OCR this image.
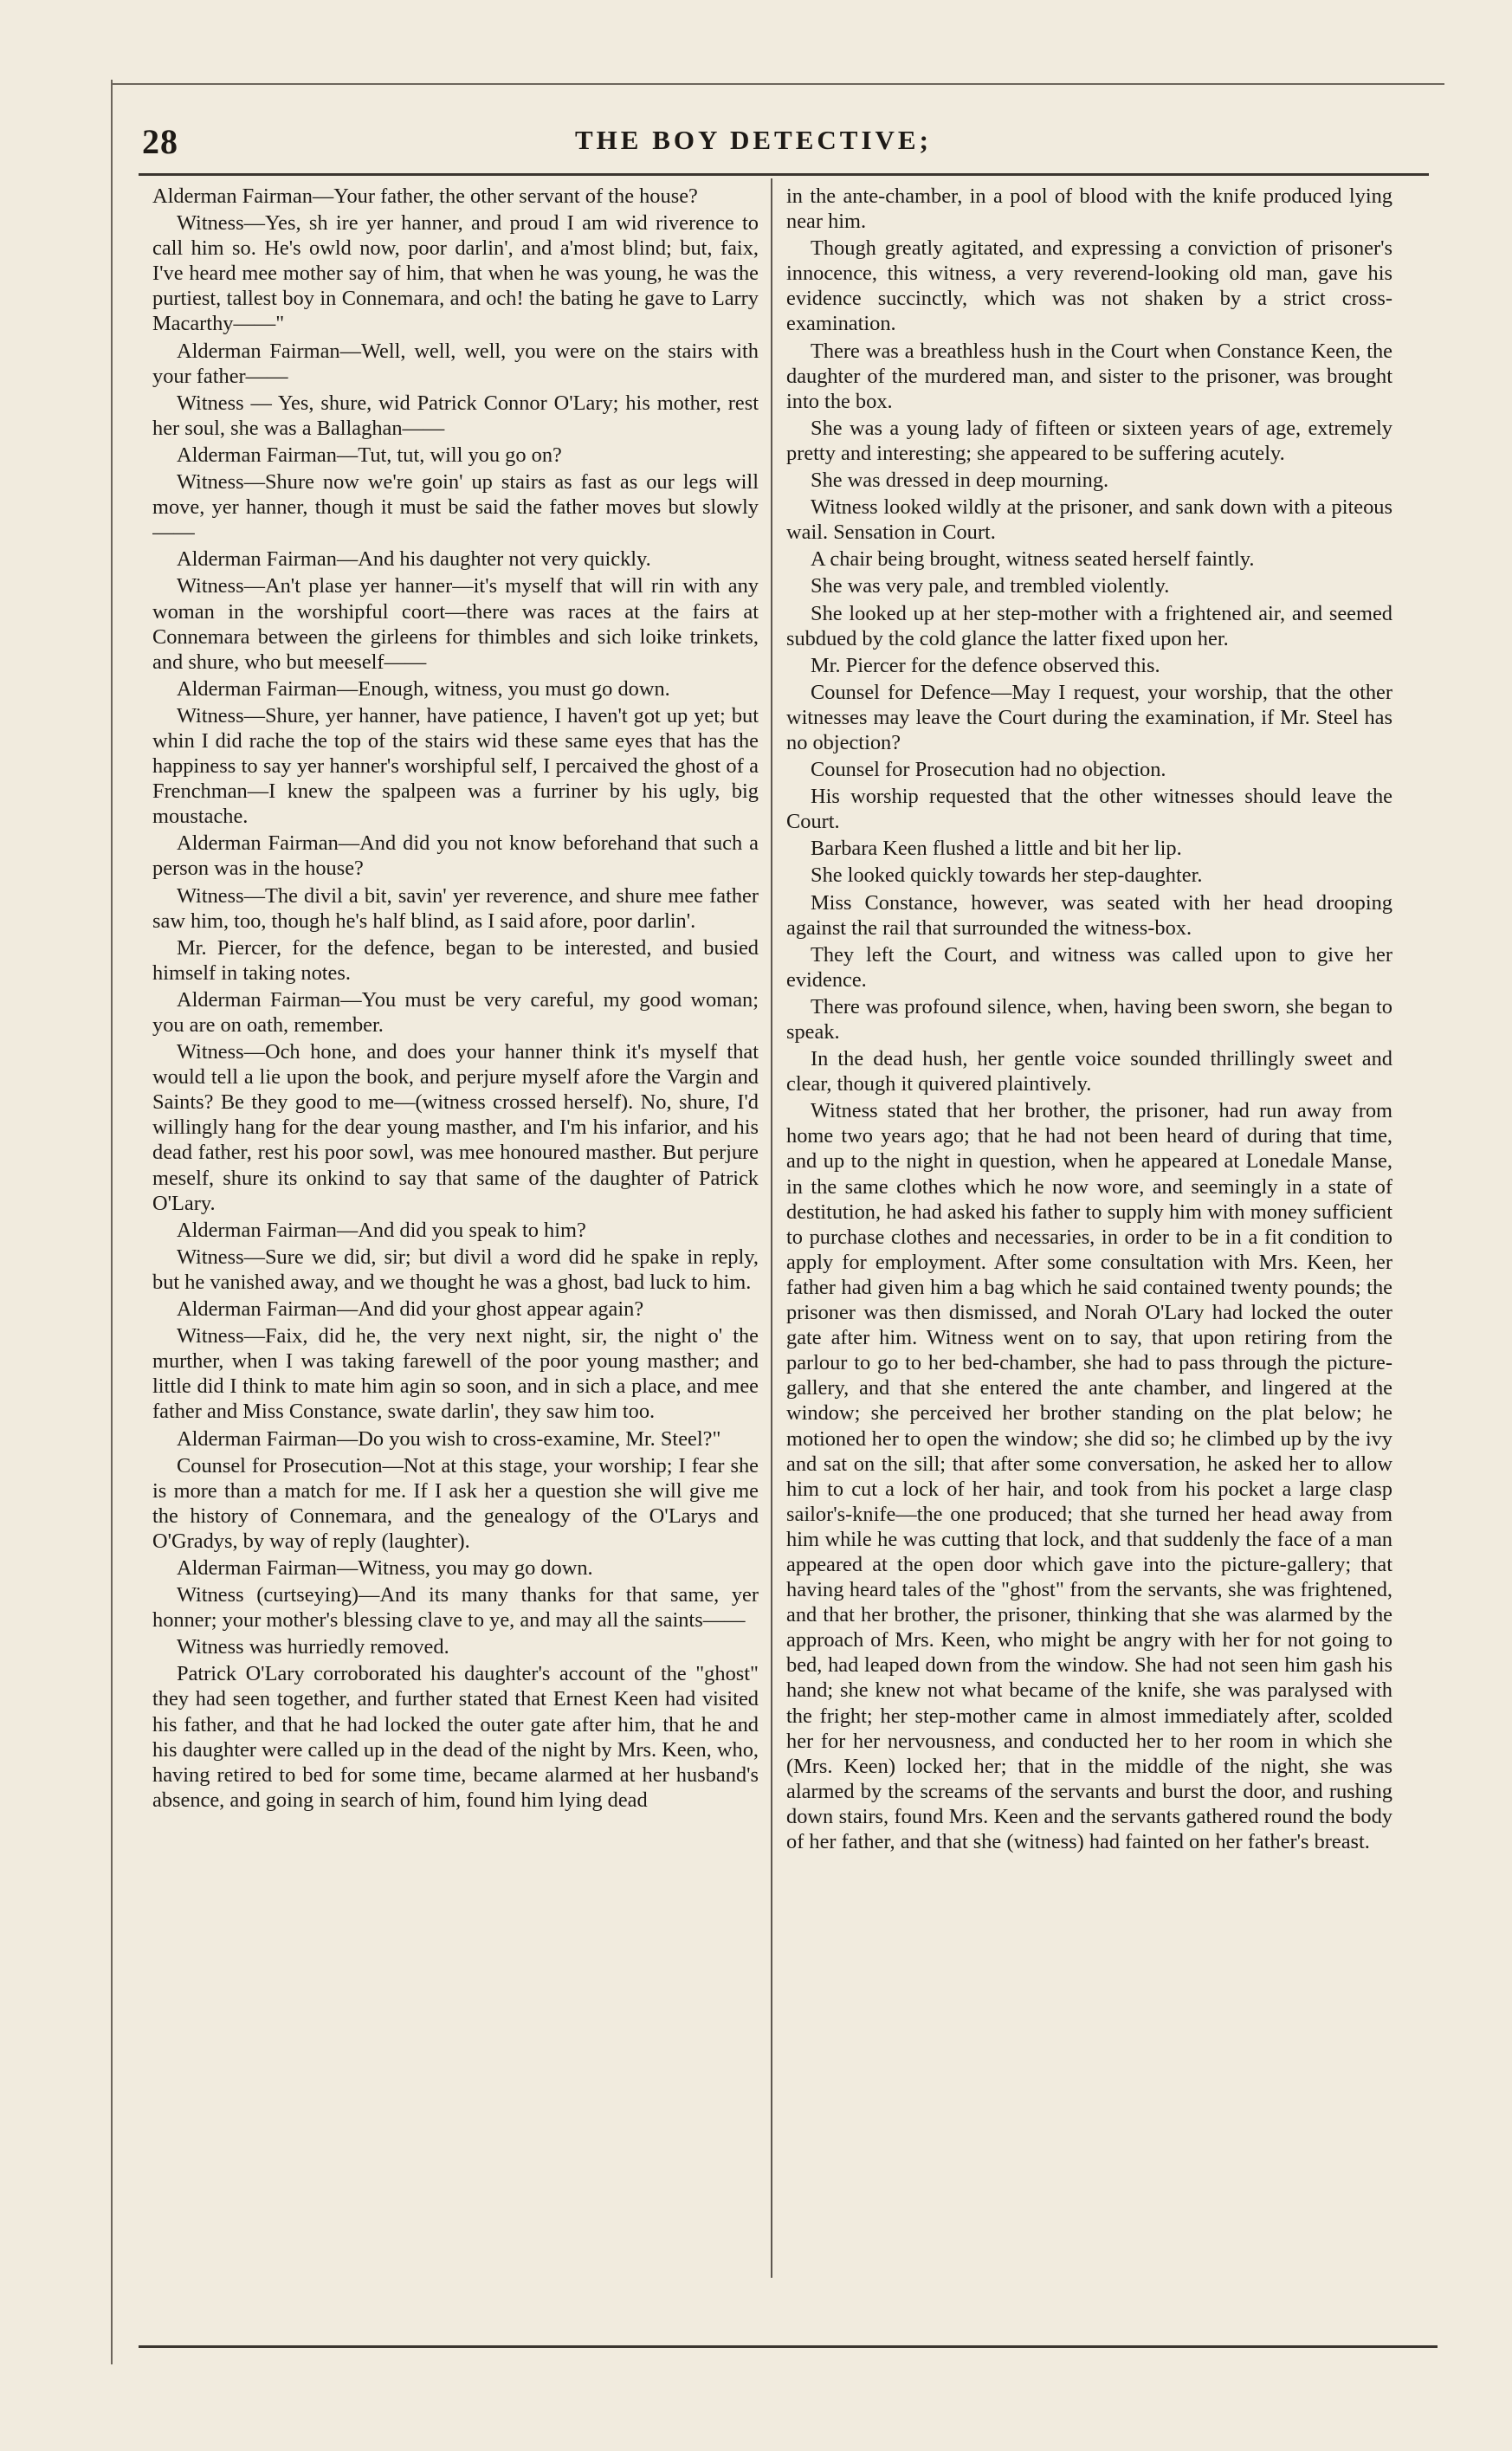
28	THE BOY DETECTIVE;

Alderman Fairman—Your father, the other servant of the house?

Witness—Yes, sh ire yer hanner, and proud I am wid riverence to call him so. He's owld now, poor darlin', and a'most blind; but, faix, I've heard mee mother say of him, that when he was young, he was the purtiest, tallest boy in Connemara, and och! the bating he gave to Larry Macarthy——"

Alderman Fairman—Well, well, well, you were on the stairs with your father——

Witness — Yes, shure, wid Patrick Connor O'Lary; his mother, rest her soul, she was a Ballaghan——

Alderman Fairman—Tut, tut, will you go on?

Witness—Shure now we're goin' up stairs as fast as our legs will move, yer hanner, though it must be said the father moves but slowly——

Alderman Fairman—And his daughter not very quickly.

Witness—An't plase yer hanner—it's myself that will rin with any woman in the worshipful coort—there was races at the fairs at Connemara between the girleens for thimbles and sich loike trinkets, and shure, who but meeself——

Alderman Fairman—Enough, witness, you must go down.

Witness—Shure, yer hanner, have patience, I haven't got up yet; but whin I did rache the top of the stairs wid these same eyes that has the happiness to say yer hanner's worshipful self, I percaived the ghost of a Frenchman—I knew the spalpeen was a furriner by his ugly, big moustache.

Alderman Fairman—And did you not know beforehand that such a person was in the house?

Witness—The divil a bit, savin' yer reverence, and shure mee father saw him, too, though he's half blind, as I said afore, poor darlin'.

Mr. Piercer, for the defence, began to be interested, and busied himself in taking notes.

Alderman Fairman—You must be very careful, my good woman; you are on oath, remember.

Witness—Och hone, and does your hanner think it's myself that would tell a lie upon the book, and perjure myself afore the Vargin and Saints? Be they good to me—(witness crossed herself). No, shure, I'd willingly hang for the dear young masther, and I'm his infarior, and his dead father, rest his poor sowl, was mee honoured masther. But perjure meself, shure its onkind to say that same of the daughter of Patrick O'Lary.

Alderman Fairman—And did you speak to him?

Witness—Sure we did, sir; but divil a word did he spake in reply, but he vanished away, and we thought he was a ghost, bad luck to him.

Alderman Fairman—And did your ghost appear again?

Witness—Faix, did he, the very next night, sir, the night o' the murther, when I was taking farewell of the poor young masther; and little did I think to mate him agin so soon, and in sich a place, and mee father and Miss Constance, swate darlin', they saw him too.

Alderman Fairman—Do you wish to cross-examine, Mr. Steel?"

Counsel for Prosecution—Not at this stage, your worship; I fear she is more than a match for me. If I ask her a question she will give me the history of Connemara, and the genealogy of the O'Larys and O'Gradys, by way of reply (laughter).

Alderman Fairman—Witness, you may go down.

Witness (curtseying)—And its many thanks for that same, yer honner; your mother's blessing clave to ye, and may all the saints——

Witness was hurriedly removed.

Patrick O'Lary corroborated his daughter's account of the "ghost" they had seen together, and further stated that Ernest Keen had visited his father, and that he had locked the outer gate after him, that he and his daughter were called up in the dead of the night by Mrs. Keen, who, having retired to bed for some time, became alarmed at her husband's absence, and going in search of him, found him lying dead

in the ante-chamber, in a pool of blood with the knife produced lying near him.

Though greatly agitated, and expressing a conviction of prisoner's innocence, this witness, a very reverend-looking old man, gave his evidence succinctly, which was not shaken by a strict cross-examination.

There was a breathless hush in the Court when Constance Keen, the daughter of the murdered man, and sister to the prisoner, was brought into the box.

She was a young lady of fifteen or sixteen years of age, extremely pretty and interesting; she appeared to be suffering acutely.

She was dressed in deep mourning.

Witness looked wildly at the prisoner, and sank down with a piteous wail. Sensation in Court.

A chair being brought, witness seated herself faintly.

She was very pale, and trembled violently.

She looked up at her step-mother with a frightened air, and seemed subdued by the cold glance the latter fixed upon her.

Mr. Piercer for the defence observed this.

Counsel for Defence—May I request, your worship, that the other witnesses may leave the Court during the examination, if Mr. Steel has no objection?

Counsel for Prosecution had no objection.

His worship requested that the other witnesses should leave the Court.

Barbara Keen flushed a little and bit her lip.

She looked quickly towards her step-daughter.

Miss Constance, however, was seated with her head drooping against the rail that surrounded the witness-box.

They left the Court, and witness was called upon to give her evidence.

There was profound silence, when, having been sworn, she began to speak.

In the dead hush, her gentle voice sounded thrillingly sweet and clear, though it quivered plaintively.

Witness stated that her brother, the prisoner, had run away from home two years ago; that he had not been heard of during that time, and up to the night in question, when he appeared at Lonedale Manse, in the same clothes which he now wore, and seemingly in a state of destitution, he had asked his father to supply him with money sufficient to purchase clothes and necessaries, in order to be in a fit condition to apply for employment. After some consultation with Mrs. Keen, her father had given him a bag which he said contained twenty pounds; the prisoner was then dismissed, and Norah O'Lary had locked the outer gate after him. Witness went on to say, that upon retiring from the parlour to go to her bed-chamber, she had to pass through the picture-gallery, and that she entered the ante chamber, and lingered at the window; she perceived her brother standing on the plat below; he motioned her to open the window; she did so; he climbed up by the ivy and sat on the sill; that after some conversation, he asked her to allow him to cut a lock of her hair, and took from his pocket a large clasp sailor's-knife—the one produced; that she turned her head away from him while he was cutting that lock, and that suddenly the face of a man appeared at the open door which gave into the picture-gallery; that having heard tales of the "ghost" from the servants, she was frightened, and that her brother, the prisoner, thinking that she was alarmed by the approach of Mrs. Keen, who might be angry with her for not going to bed, had leaped down from the window. She had not seen him gash his hand; she knew not what became of the knife, she was paralysed with the fright; her step-mother came in almost immediately after, scolded her for her nervousness, and conducted her to her room in which she (Mrs. Keen) locked her; that in the middle of the night, she was alarmed by the screams of the servants and burst the door, and rushing down stairs, found Mrs. Keen and the servants gathered round the body of her father, and that she (witness) had fainted on her father's breast.
